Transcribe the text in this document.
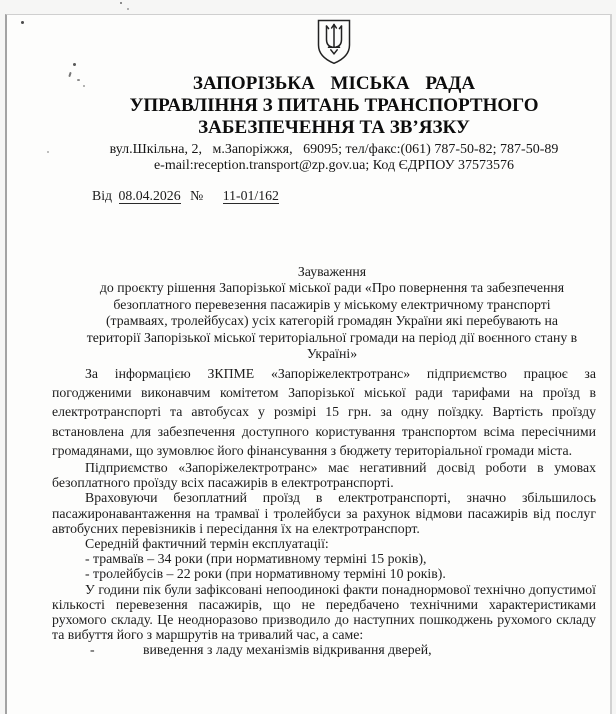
ЗАПОРІЗЬКА МІСЬКА РАДА
УПРАВЛІННЯ З ПИТАНЬ ТРАНСПОРТНОГО
ЗАБЕЗПЕЧЕННЯ ТА ЗВ’ЯЗКУ
вул.Шкільна, 2,   м.Запоріжжя,   69095; тел/факс:(061) 787-50-82; 787-50-89
e-mail:reception.transport@zp.gov.ua; Код ЄДРПОУ 37573576
Від 08.04.2026 № 11-01/162
Зауваження
до проєкту рішення Запорізької міської ради «Про повернення та забезпечення безоплатного перевезення пасажирів у міському електричному транспорті (трамваях, тролейбусах) усіх категорій громадян України які перебувають на території Запорізької міської територіальної громади на період дії воєнного стану в Україні»

За інформацією ЗКПМЕ «Запоріжелектротранс» підприємство працює за погодженими виконавчим комітетом Запорізької міської ради тарифами на проїзд в електротранспорті та автобусах у розмірі 15 грн. за одну поїздку. Вартість проїзду встановлена для забезпечення доступного користування транспортом всіма пересічними громадянами, що зумовлює його фінансування з бюджету територіальної громади міста.

Підприємство «Запоріжелектротранс» має негативний досвід роботи в умовах безоплатного проїзду всіх пасажирів в електротранспорті.

Враховуючи безоплатний проїзд в електротранспорті, значно збільшилось пасажиронавантаження на трамваї і тролейбуси за рахунок відмови пасажирів від послуг автобусних перевізників і пересідання їх на електротранспорт.

Середній фактичний термін експлуатації:

- трамваїв – 34 роки (при нормативному терміні 15 років),

- тролейбусів – 22 роки (при нормативному терміні 10 років).

У години пік були зафіксовані непоодинокі факти понаднормової технічно допустимої кількості перевезення пасажирів, що не передбачено технічними характеристиками рухомого складу. Це неодноразово призводило до наступних пошкоджень рухомого складу та вибуття його з маршрутів на тривалий час, а саме:

-	виведення з ладу механізмів відкривання дверей,
